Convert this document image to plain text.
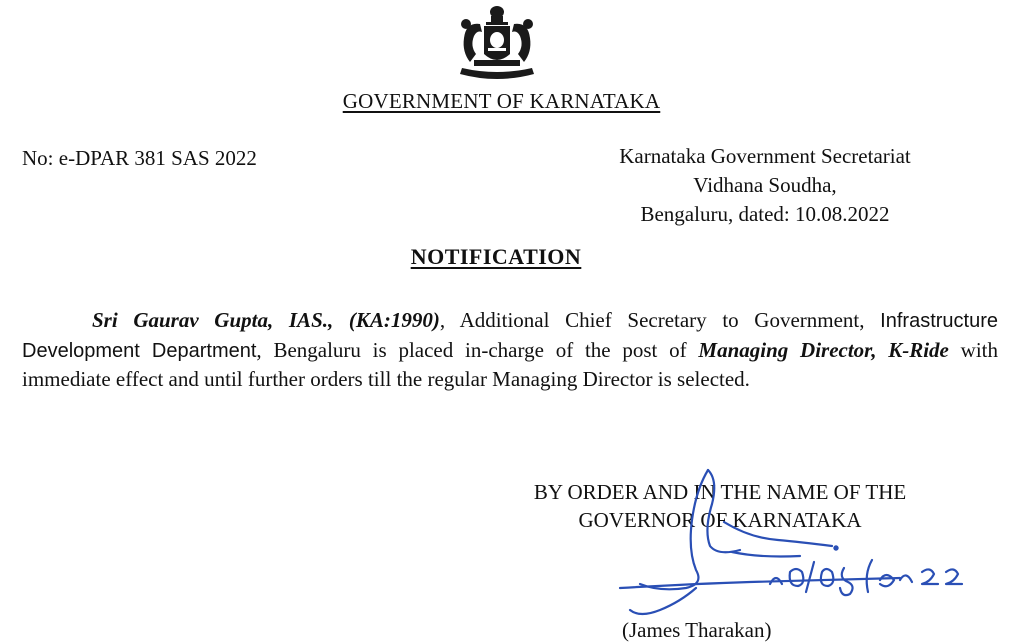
GOVERNMENT OF KARNATAKA
No: e-DPAR 381 SAS 2022	Karnataka Government Secretariat
Vidhana Soudha,
Bengaluru, dated: 10.08.2022
NOTIFICATION
Sri Gaurav Gupta, IAS., (KA:1990), Additional Chief Secretary to Government, Infrastructure Development Department, Bengaluru is placed in-charge of the post of Managing Director, K-Ride with immediate effect and until further orders till the regular Managing Director is selected.
BY ORDER AND IN THE NAME OF THE
GOVERNOR OF KARNATAKA
(James Tharakan)
